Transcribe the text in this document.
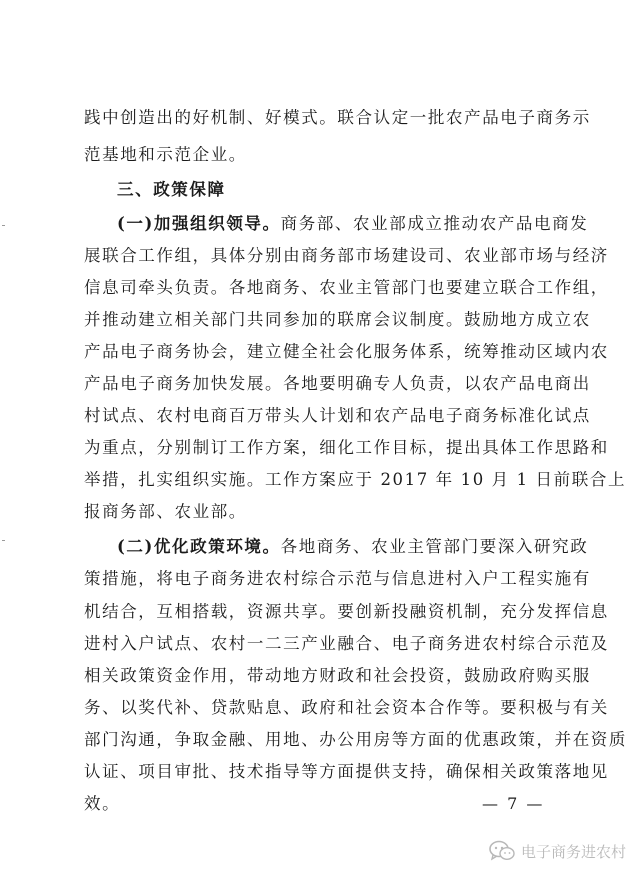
践中创造出的好机制、好模式。联合认定一批农产品电子商务示
范基地和示范企业。
三、政策保障
(一)加强组织领导。商务部、农业部成立推动农产品电商发
展联合工作组，具体分别由商务部市场建设司、农业部市场与经济
信息司牵头负责。各地商务、农业主管部门也要建立联合工作组，
并推动建立相关部门共同参加的联席会议制度。鼓励地方成立农
产品电子商务协会，建立健全社会化服务体系，统筹推动区域内农
产品电子商务加快发展。各地要明确专人负责，以农产品电商出
村试点、农村电商百万带头人计划和农产品电子商务标准化试点
为重点，分别制订工作方案，细化工作目标，提出具体工作思路和
举措，扎实组织实施。工作方案应于 2017 年 10 月 1 日前联合上
报商务部、农业部。
(二)优化政策环境。各地商务、农业主管部门要深入研究政
策措施，将电子商务进农村综合示范与信息进村入户工程实施有
机结合，互相搭载，资源共享。要创新投融资机制，充分发挥信息
进村入户试点、农村一二三产业融合、电子商务进农村综合示范及
相关政策资金作用，带动地方财政和社会投资，鼓励政府购买服
务、以奖代补、贷款贴息、政府和社会资本合作等。要积极与有关
部门沟通，争取金融、用地、办公用房等方面的优惠政策，并在资质
认证、项目审批、技术指导等方面提供支持，确保相关政策落地见
效。	— 7 —
电子商务进农村
